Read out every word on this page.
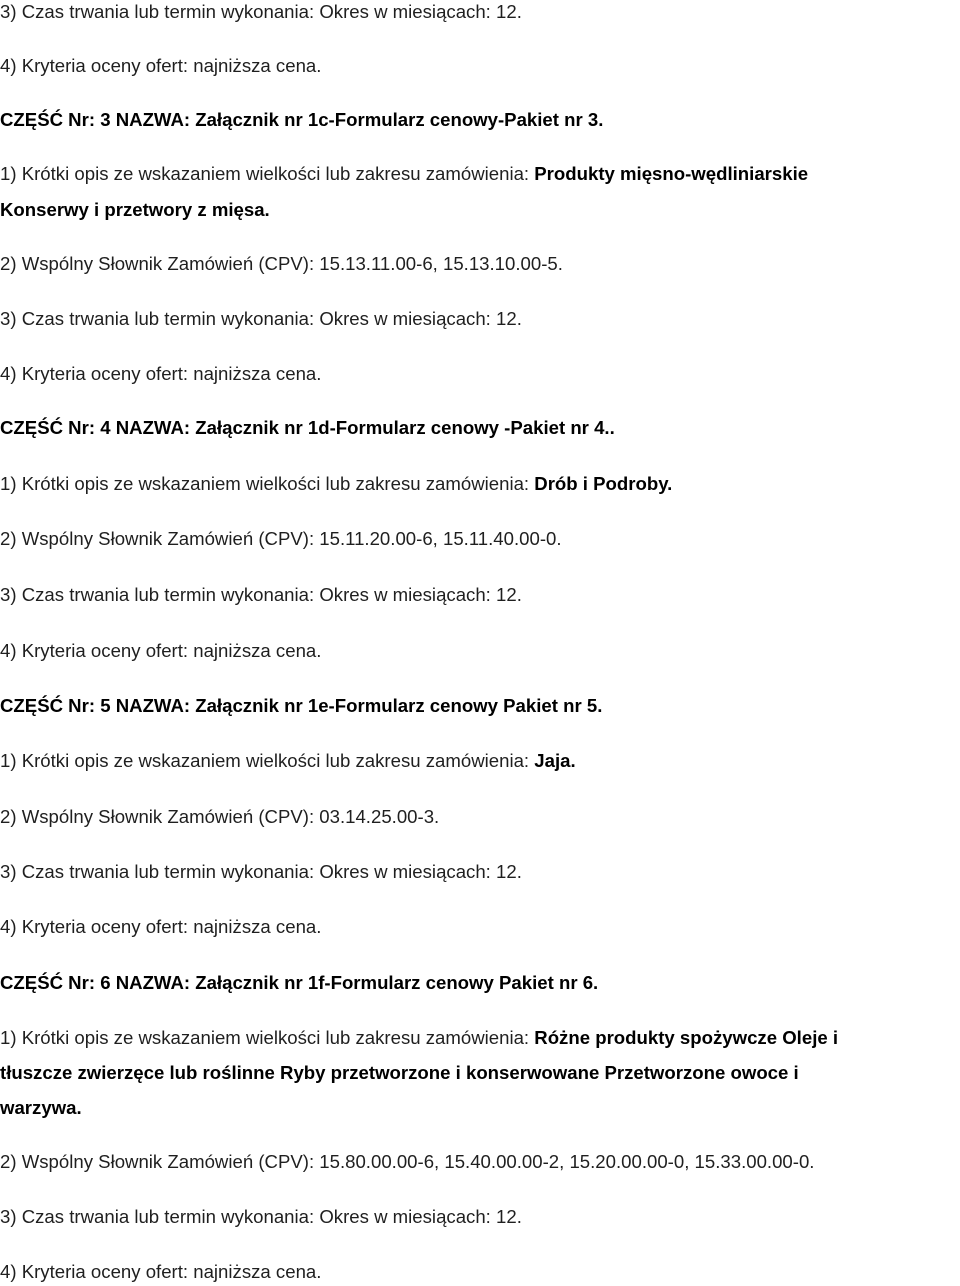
3) Czas trwania lub termin wykonania: Okres w miesiącach: 12.

4) Kryteria oceny ofert: najniższa cena.

CZĘŚĆ Nr: 3 NAZWA: Załącznik nr 1c-Formularz cenowy-Pakiet nr 3.

1) Krótki opis ze wskazaniem wielkości lub zakresu zamówienia: Produkty mięsno-wędliniarskie

Konserwy i przetwory z mięsa.

2) Wspólny Słownik Zamówień (CPV): 15.13.11.00-6, 15.13.10.00-5.

3) Czas trwania lub termin wykonania: Okres w miesiącach: 12.

4) Kryteria oceny ofert: najniższa cena.

CZĘŚĆ Nr: 4 NAZWA: Załącznik nr 1d-Formularz cenowy -Pakiet nr 4..

1) Krótki opis ze wskazaniem wielkości lub zakresu zamówienia: Drób i Podroby.

2) Wspólny Słownik Zamówień (CPV): 15.11.20.00-6, 15.11.40.00-0.

3) Czas trwania lub termin wykonania: Okres w miesiącach: 12.

4) Kryteria oceny ofert: najniższa cena.

CZĘŚĆ Nr: 5 NAZWA: Załącznik nr 1e-Formularz cenowy Pakiet nr 5.

1) Krótki opis ze wskazaniem wielkości lub zakresu zamówienia: Jaja.

2) Wspólny Słownik Zamówień (CPV): 03.14.25.00-3.

3) Czas trwania lub termin wykonania: Okres w miesiącach: 12.

4) Kryteria oceny ofert: najniższa cena.

CZĘŚĆ Nr: 6 NAZWA: Załącznik nr 1f-Formularz cenowy Pakiet nr 6.

1) Krótki opis ze wskazaniem wielkości lub zakresu zamówienia: Różne produkty spożywcze Oleje i

tłuszcze zwierzęce lub roślinne Ryby przetworzone i konserwowane Przetworzone owoce i

warzywa.

2) Wspólny Słownik Zamówień (CPV): 15.80.00.00-6, 15.40.00.00-2, 15.20.00.00-0, 15.33.00.00-0.

3) Czas trwania lub termin wykonania: Okres w miesiącach: 12.

4) Kryteria oceny ofert: najniższa cena.
